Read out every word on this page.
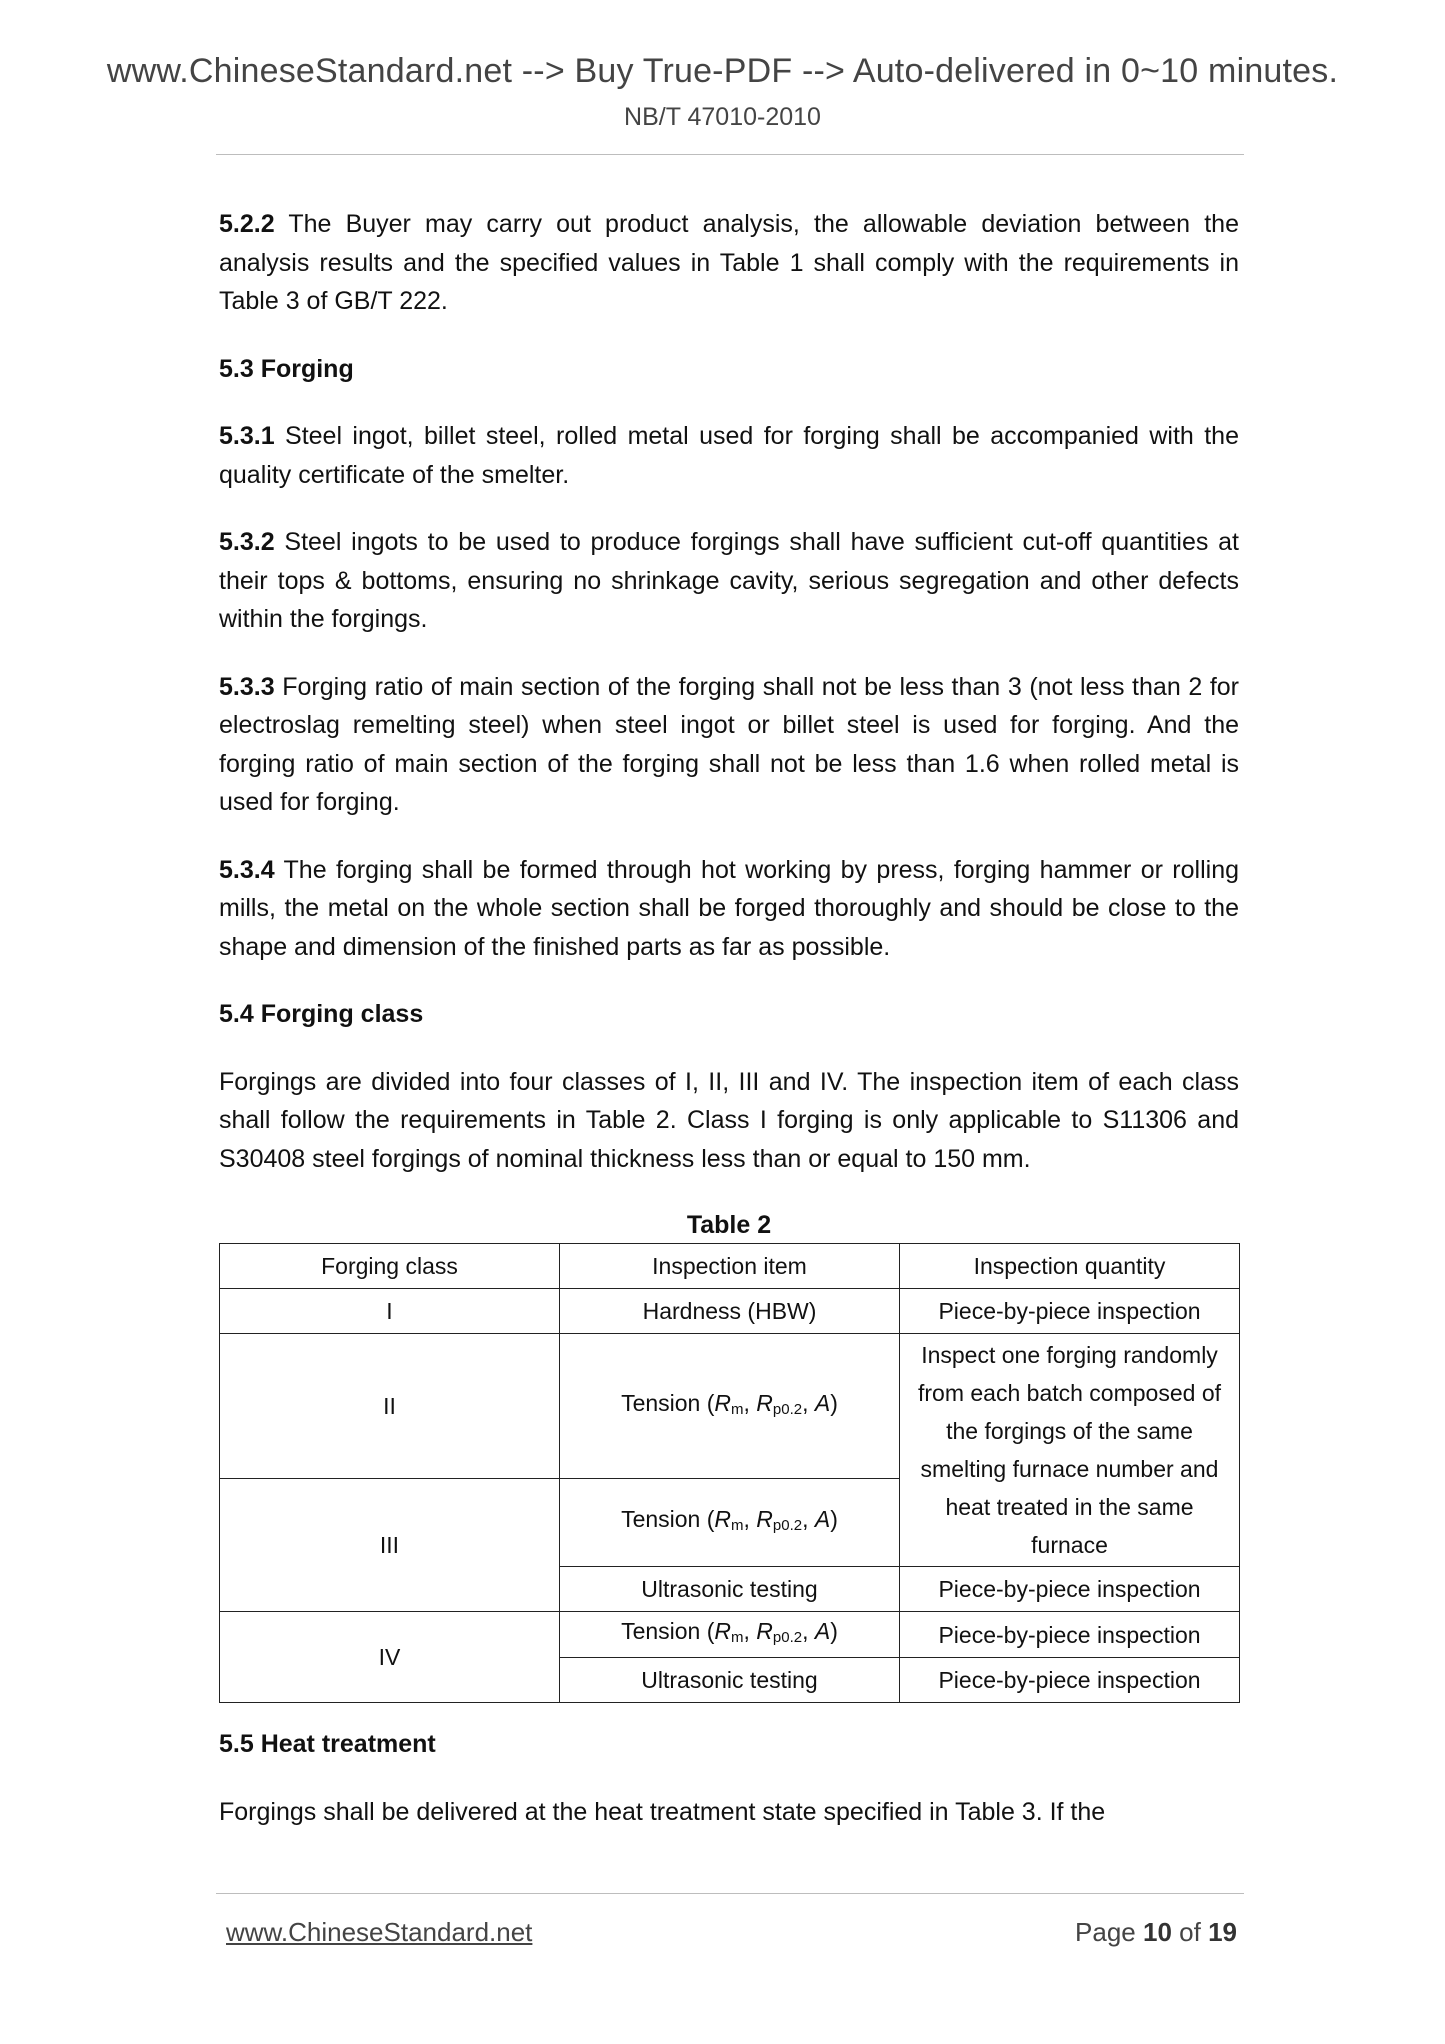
www.ChineseStandard.net --> Buy True-PDF --> Auto-delivered in 0~10 minutes.
NB/T 47010-2010

5.2.2 The Buyer may carry out product analysis, the allowable deviation between the analysis results and the specified values in Table 1 shall comply with the requirements in Table 3 of GB/T 222.

5.3 Forging

5.3.1 Steel ingot, billet steel, rolled metal used for forging shall be accompanied with the quality certificate of the smelter.

5.3.2 Steel ingots to be used to produce forgings shall have sufficient cut-off quantities at their tops & bottoms, ensuring no shrinkage cavity, serious segregation and other defects within the forgings.

5.3.3 Forging ratio of main section of the forging shall not be less than 3 (not less than 2 for electroslag remelting steel) when steel ingot or billet steel is used for forging. And the forging ratio of main section of the forging shall not be less than 1.6 when rolled metal is used for forging.

5.3.4 The forging shall be formed through hot working by press, forging hammer or rolling mills, the metal on the whole section shall be forged thoroughly and should be close to the shape and dimension of the finished parts as far as possible.

5.4 Forging class

Forgings are divided into four classes of I, II, III and IV. The inspection item of each class shall follow the requirements in Table 2. Class I forging is only applicable to S11306 and S30408 steel forgings of nominal thickness less than or equal to 150 mm.

Table 2
Forging class	Inspection item	Inspection quantity
I	Hardness (HBW)	Piece-by-piece inspection
II	Tension ($R_m$, $R_{p0.2}$, A)	Inspect one forging randomly from each batch composed of the forgings of the same smelting furnace number and heat treated in the same furnace
III	Tension ($R_m$, $R_{p0.2}$, A)	
	Ultrasonic testing	Piece-by-piece inspection
IV	Tension ($R_m$, $R_{p0.2}$, A)	Piece-by-piece inspection
	Ultrasonic testing	Piece-by-piece inspection
5.5 Heat treatment

Forgings shall be delivered at the heat treatment state specified in Table 3. If the

www.ChineseStandard.net	Page 10 of 19
